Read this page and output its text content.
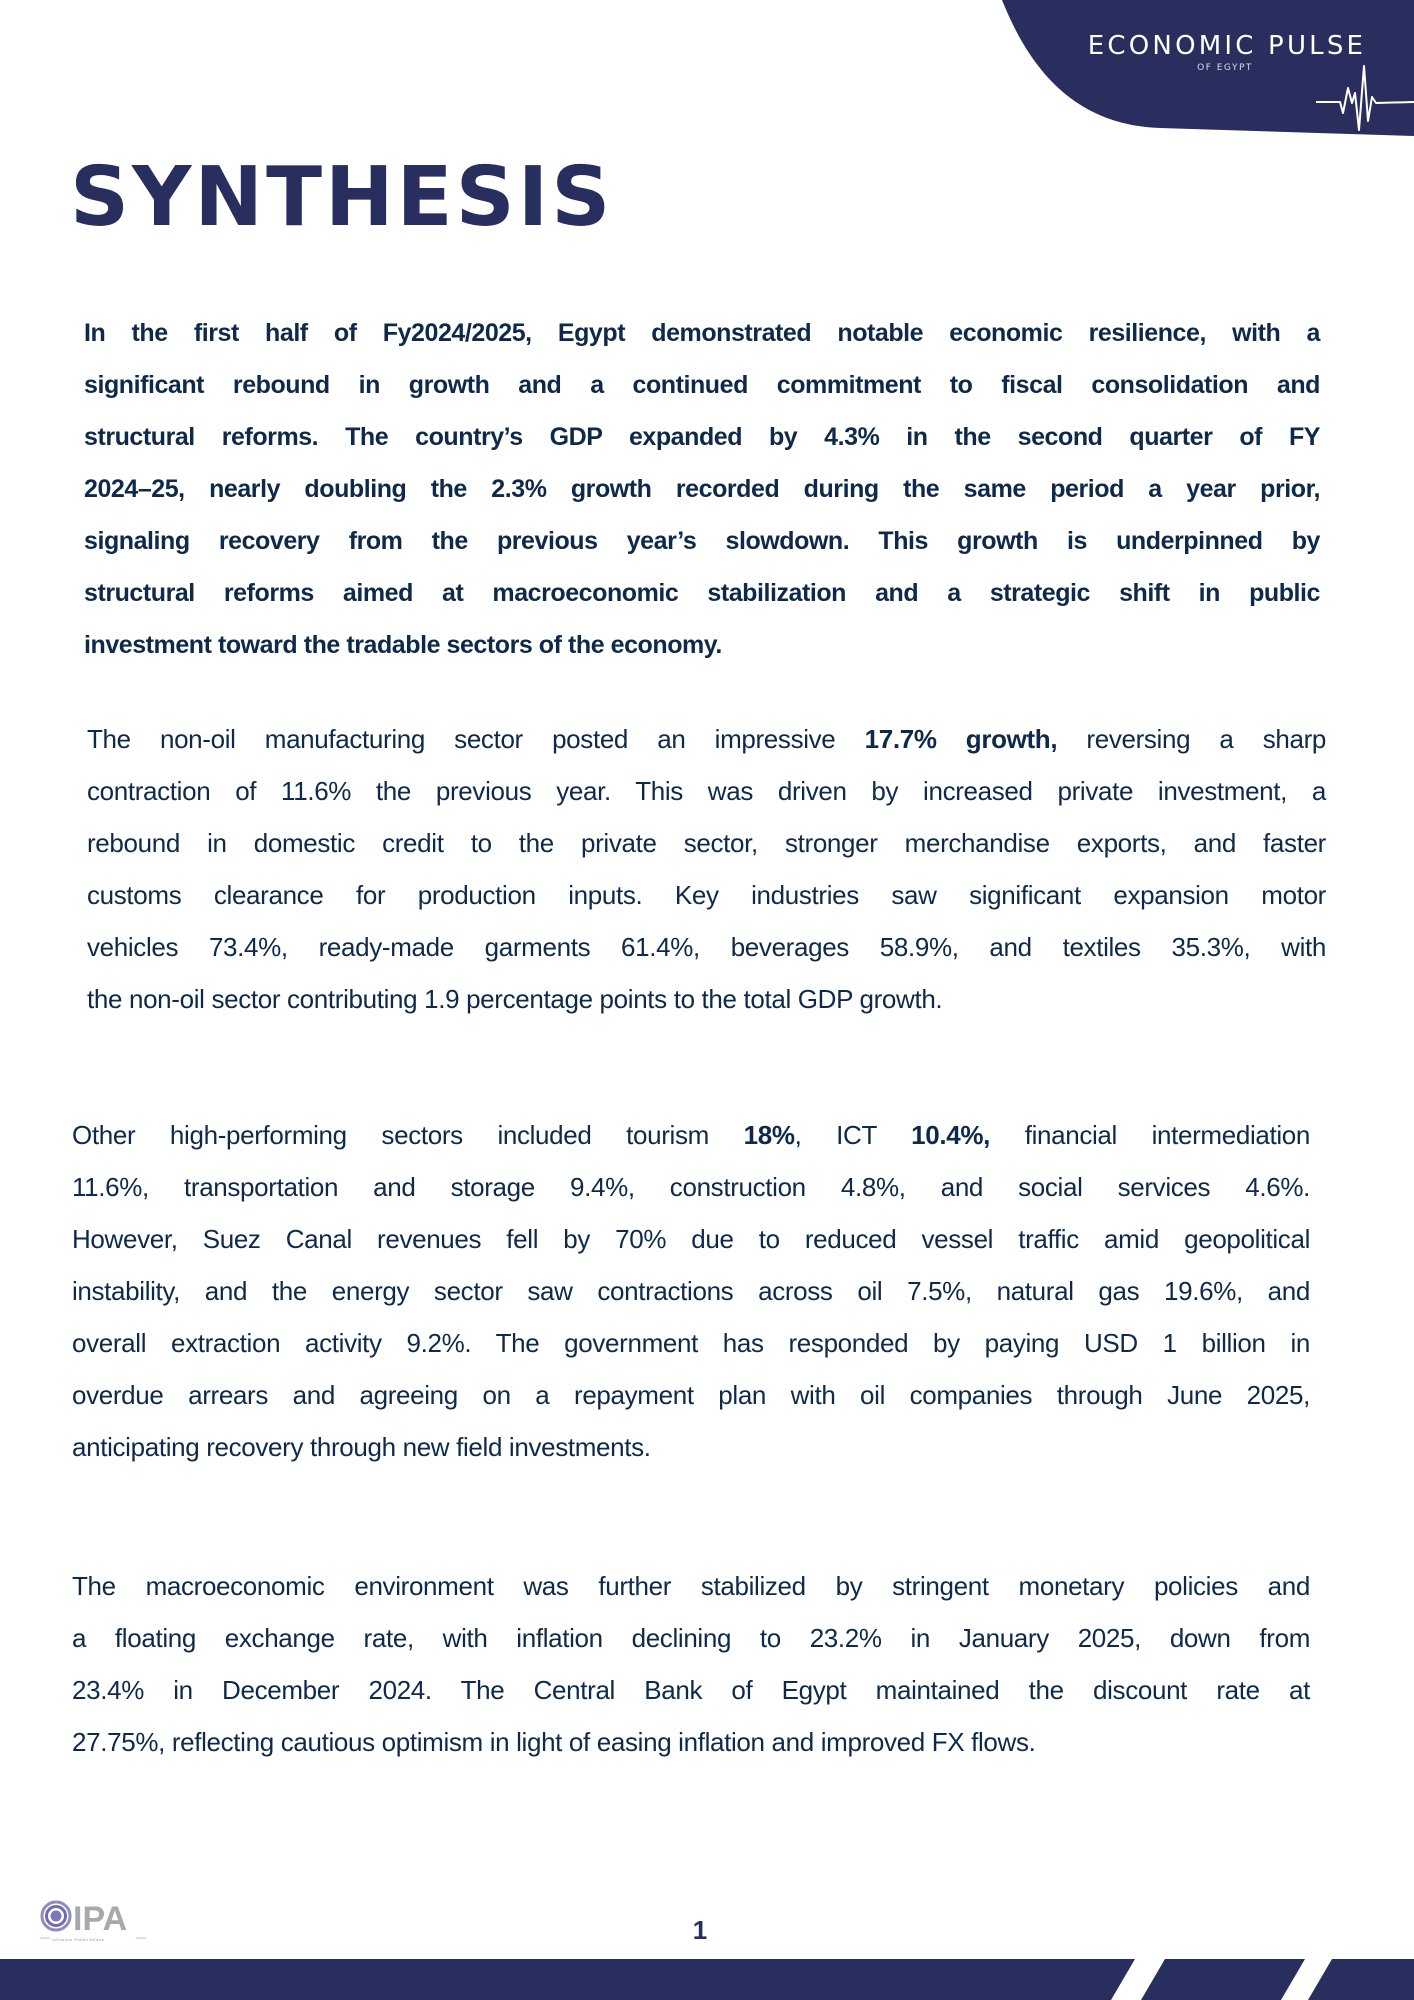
ECONOMIC PULSE
OF EGYPT
SYNTHESIS
In the first half of Fy2024/2025, Egypt demonstrated notable economic resilience, with a
significant rebound in growth and a continued commitment to fiscal consolidation and
structural reforms. The country’s GDP expanded by 4.3% in the second quarter of FY
2024–25, nearly doubling the 2.3% growth recorded during the same period a year prior,
signaling recovery from the previous year’s slowdown. This growth is underpinned by
structural reforms aimed at macroeconomic stabilization and a strategic shift in public
investment toward the tradable sectors of the economy.
The non-oil manufacturing sector posted an impressive 17.7% growth, reversing a sharp
contraction of 11.6% the previous year. This was driven by increased private investment, a
rebound in domestic credit to the private sector, stronger merchandise exports, and faster
customs clearance for production inputs. Key industries saw significant expansion motor
vehicles 73.4%, ready-made garments 61.4%, beverages 58.9%, and textiles 35.3%, with
the non-oil sector contributing 1.9 percentage points to the total GDP growth.
Other high-performing sectors included tourism 18%, ICT 10.4%, financial intermediation
11.6%, transportation and storage 9.4%, construction 4.8%, and social services 4.6%.
However, Suez Canal revenues fell by 70% due to reduced vessel traffic amid geopolitical
instability, and the energy sector saw contractions across oil 7.5%, natural gas 19.6%, and
overall extraction activity 9.2%. The government has responded by paying USD 1 billion in
overdue arrears and agreeing on a repayment plan with oil companies through June 2025,
anticipating recovery through new field investments.
The macroeconomic environment was further stabilized by stringent monetary policies and
a floating exchange rate, with inflation declining to 23.2% in January 2025, down from
23.4% in December 2024. The Central Bank of Egypt maintained the discount rate at
27.75%, reflecting cautious optimism in light of easing inflation and improved FX flows.
IPA
Influence Public Affairs	1
